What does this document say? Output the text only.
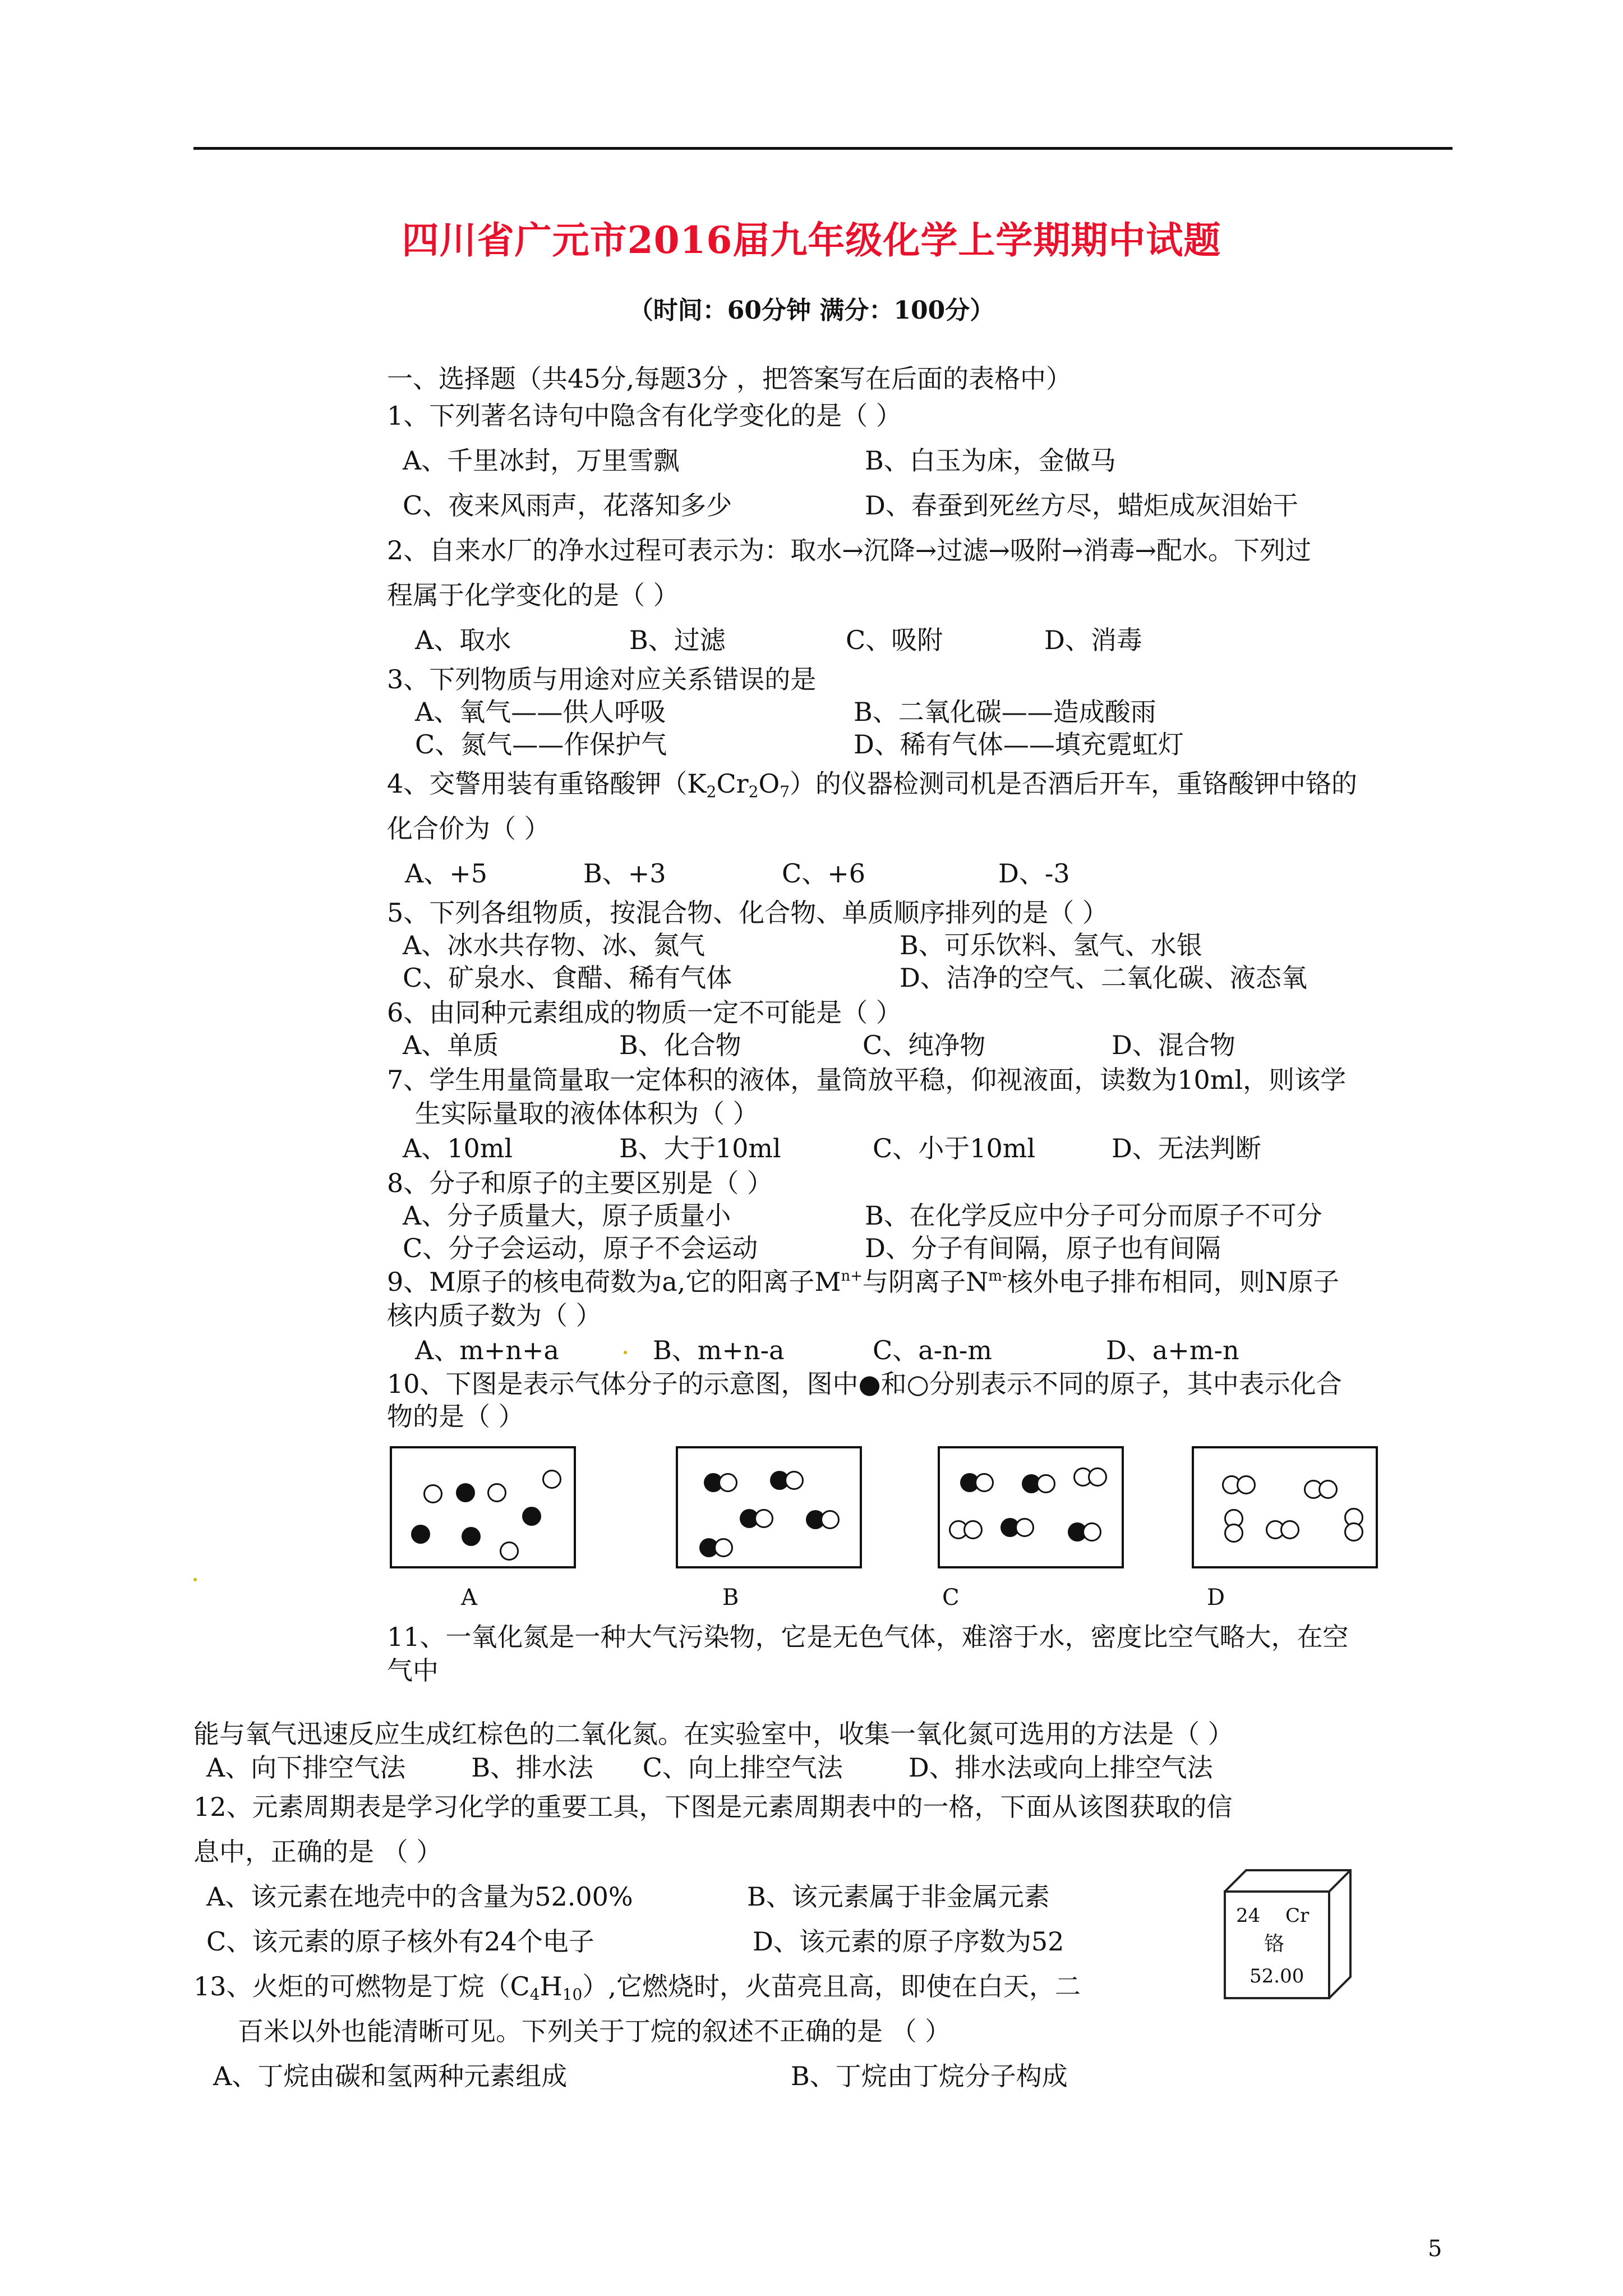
四川省广元市2016届九年级化学上学期期中试题
（时间：60分钟 满分：100分）
一、选择题（共45分,每题3分 ，把答案写在后面的表格中）
1、下列著名诗句中隐含有化学变化的是（ ）
A、千里冰封，万里雪飘	B、白玉为床，金做马
C、夜来风雨声，花落知多少	D、春蚕到死丝方尽，蜡炬成灰泪始干
2、自来水厂的净水过程可表示为：取水→沉降→过滤→吸附→消毒→配水。下列过
程属于化学变化的是（ ）
A、取水	B、过滤	C、吸附	D、消毒
3、下列物质与用途对应关系错误的是
A、氧气——供人呼吸	B、二氧化碳——造成酸雨
C、氮气——作保护气	D、稀有气体——填充霓虹灯
4、交警用装有重铬酸钾$(K_2Cr_2O_7)$的仪器检测司机是否酒后开车，重铬酸钾中铬的
化合价为（ ）
A、+5	B、+3	C、+6	D、-3
5、下列各组物质，按混合物、化合物、单质顺序排列的是（ ）
A、冰水共存物、冰、氮气	B、可乐饮料、氢气、水银
C、矿泉水、食醋、稀有气体	D、洁净的空气、二氧化碳、液态氧
6、由同种元素组成的物质一定不可能是（ ）
A、单质	B、化合物	C、纯净物	D、混合物
7、学生用量筒量取一定体积的液体，量筒放平稳，仰视液面，读数为10ml，则该学
生实际量取的液体体积为（ ）
A、10ml	B、大于10ml	C、小于10ml	D、无法判断
8、分子和原子的主要区别是（ ）
A、分子质量大，原子质量小	B、在化学反应中分子可分而原子不可分
C、分子会运动，原子不会运动	D、分子有间隔，原子也有间隔
9、M原子的核电荷数为a,它的阳离子$M^{n+}$与阴离子$N^{m-}$核外电子排布相同，则N原子
核内质子数为（ ）
A、m+n+a	B、m+n-a	C、a-n-m	D、a+m-n
10、下图是表示气体分子的示意图，图中●和○分别表示不同的原子，其中表示化合
物的是（ ）
A	B	C	D
11、一氧化氮是一种大气污染物，它是无色气体，难溶于水，密度比空气略大，在空
气中
能与氧气迅速反应生成红棕色的二氧化氮。在实验室中，收集一氧化氮可选用的方法是（ ）
A、向下排空气法        B、排水法      C、向上排空气法        D、排水法或向上排空气法
12、元素周期表是学习化学的重要工具，下图是元素周期表中的一格，下面从该图获取的信
息中，正确的是 （ ）
A、该元素在地壳中的含量为52.00%	B、该元素属于非金属元素
C、该元素的原子核外有24个电子	D、该元素的原子序数为52
24 Cr
铬
52.00
13、火炬的可燃物是丁烷$(C_4H_{10})$,它燃烧时，火苗亮且高，即使在白天，二
百米以外也能清晰可见。下列关于丁烷的叙述不正确的是 （ ）
A、丁烷由碳和氢两种元素组成	B、丁烷由丁烷分子构成
5
